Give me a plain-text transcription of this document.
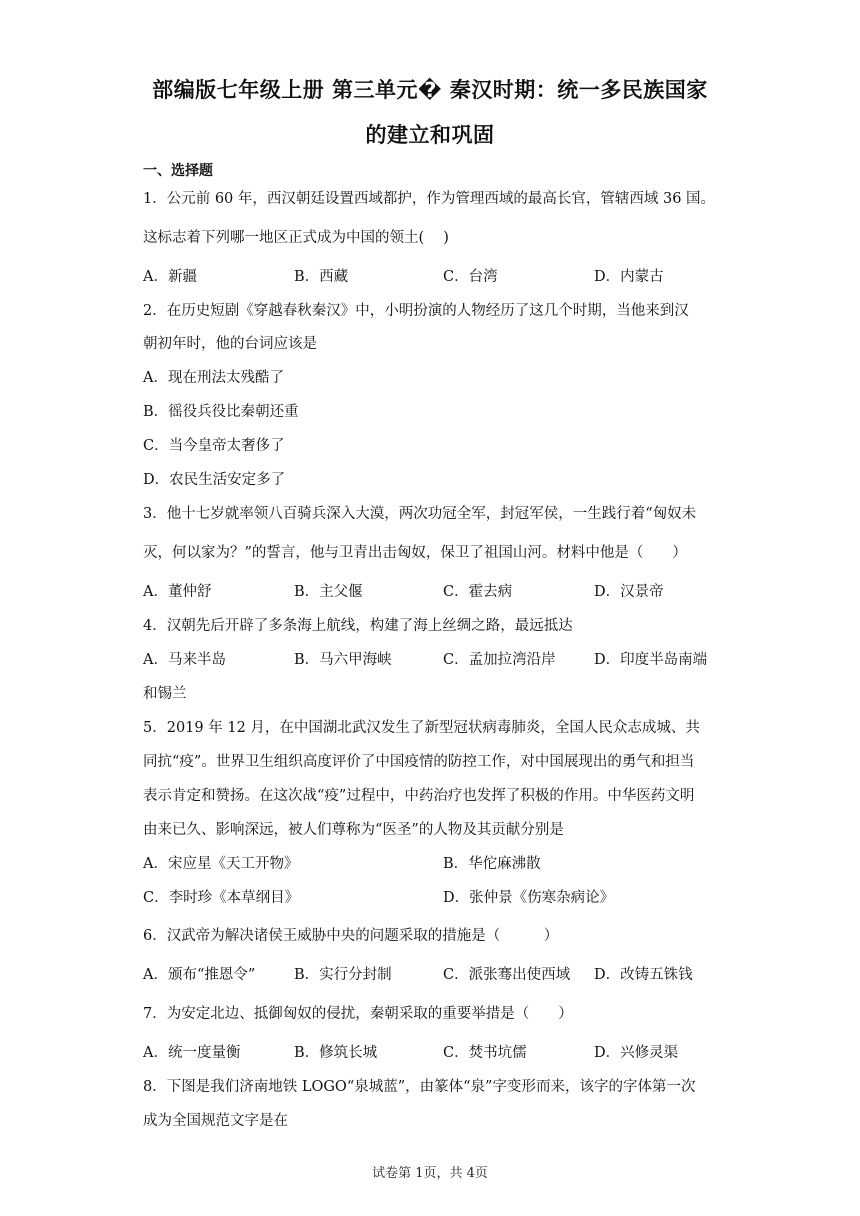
部编版七年级上册 第三单元� 秦汉时期：统一多民族国家
的建立和巩固
一、选择题
1．公元前 60 年，西汉朝廷设置西域都护，作为管理西域的最高长官，管辖西域 36 国。
这标志着下列哪一地区正式成为中国的领土(　 )
A．新疆	B．西藏	C．台湾	D．内蒙古
2．在历史短剧《穿越春秋秦汉》中，小明扮演的人物经历了这几个时期，当他来到汉
朝初年时，他的台词应该是
A．现在刑法太残酷了
B．徭役兵役比秦朝还重
C．当今皇帝太奢侈了
D．农民生活安定多了
3．他十七岁就率领八百骑兵深入大漠，两次功冠全军，封冠军侯，一生践行着“匈奴未
灭，何以家为？”的誓言，他与卫青出击匈奴，保卫了祖国山河。材料中他是（　　）
A．董仲舒	B．主父偃	C．霍去病	D．汉景帝
4．汉朝先后开辟了多条海上航线，构建了海上丝绸之路，最远抵达
A．马来半岛	B．马六甲海峡	C．孟加拉湾沿岸	D．印度半岛南端
和锡兰
5．2019 年 12 月，在中国湖北武汉发生了新型冠状病毒肺炎，全国人民众志成城、共
同抗“疫”。世界卫生组织高度评价了中国疫情的防控工作，对中国展现出的勇气和担当
表示肯定和赞扬。在这次战“疫”过程中，中药治疗也发挥了积极的作用。中华医药文明
由来已久、影响深远，被人们尊称为“医圣”的人物及其贡献分别是
A．宋应星《天工开物》	B．华佗麻沸散
C．李时珍《本草纲目》	D．张仲景《伤寒杂病论》
6．汉武帝为解决诸侯王威胁中央的问题采取的措施是（　　　）
A．颁布“推恩令”	B．实行分封制	C．派张骞出使西域 D．改铸五铢钱
7．为安定北边、抵御匈奴的侵扰，秦朝采取的重要举措是（　　）
A．统一度量衡	B．修筑长城	C．焚书坑儒	D．兴修灵渠
8．下图是我们济南地铁 LOGO“泉城蓝”，由篆体“泉”字变形而来，该字的字体第一次
成为全国规范文字是在
试卷第 1页，共 4页
